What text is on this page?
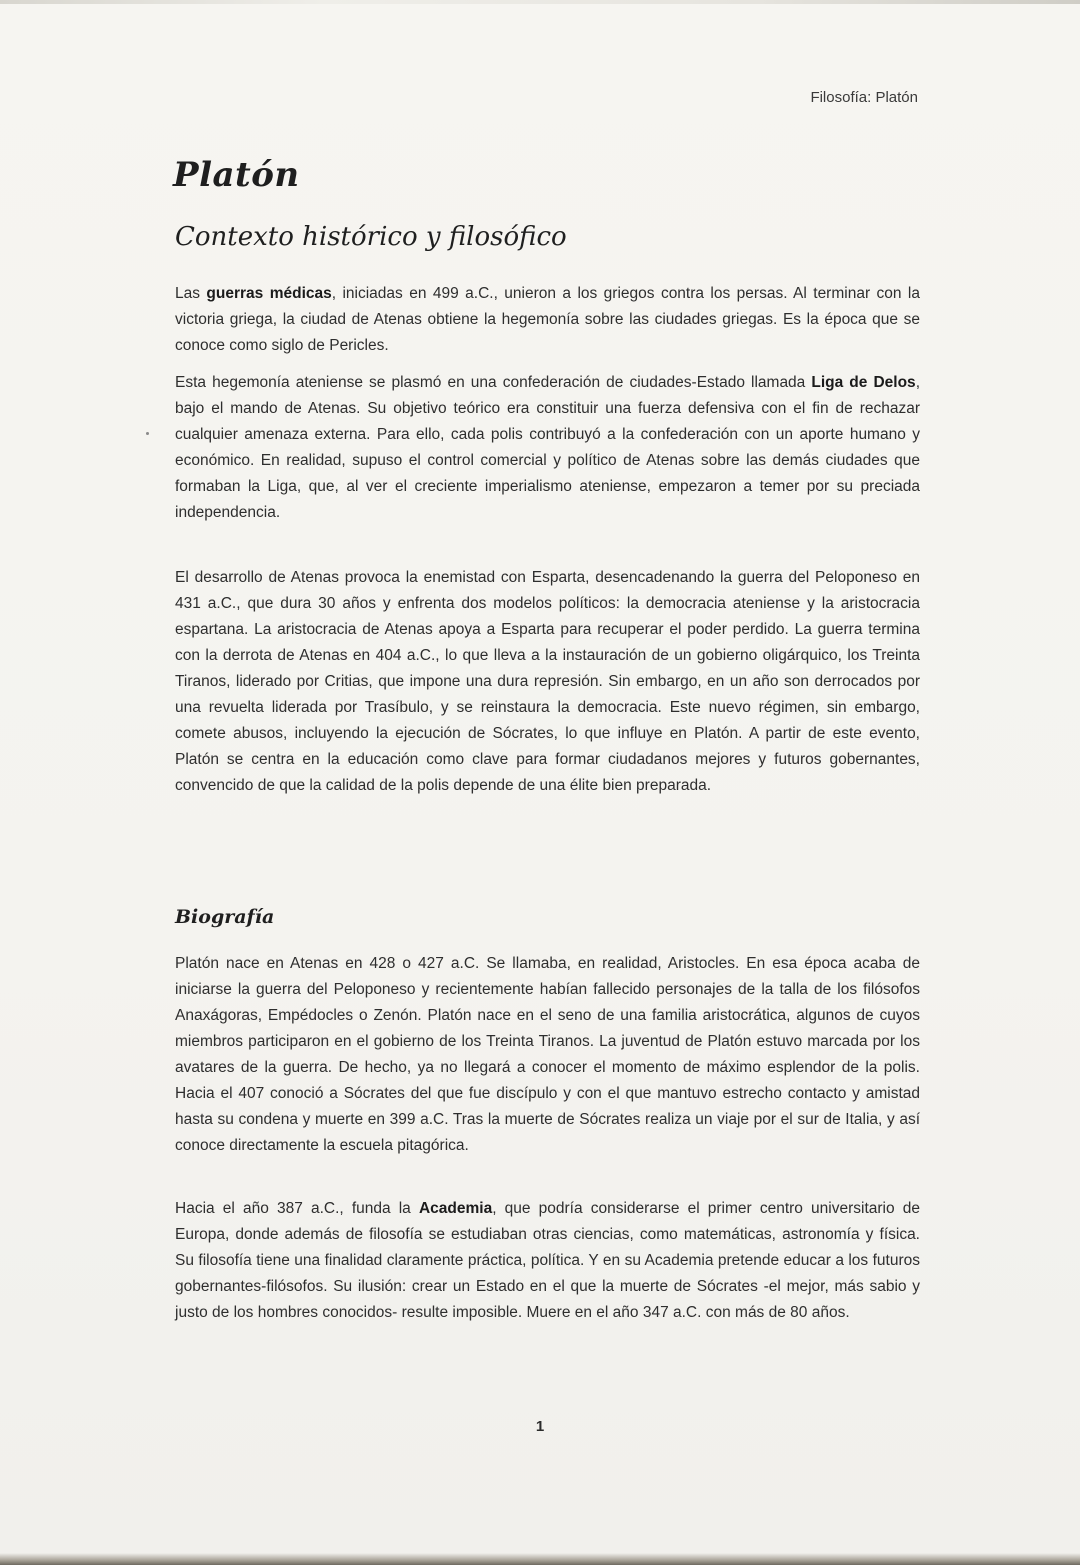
Filosofía: Platón
Platón
Contexto histórico y filosófico

Las guerras médicas, iniciadas en 499 a.C., unieron a los griegos contra los persas. Al terminar con la victoria griega, la ciudad de Atenas obtiene la hegemonía sobre las ciudades griegas. Es la época que se conoce como siglo de Pericles.

Esta hegemonía ateniense se plasmó en una confederación de ciudades-Estado llamada Liga de Delos, bajo el mando de Atenas. Su objetivo teórico era constituir una fuerza defensiva con el fin de rechazar cualquier amenaza externa. Para ello, cada polis contribuyó a la confederación con un aporte humano y económico. En realidad, supuso el control comercial y político de Atenas sobre las demás ciudades que formaban la Liga, que, al ver el creciente imperialismo ateniense, empezaron a temer por su preciada independencia.

El desarrollo de Atenas provoca la enemistad con Esparta, desencadenando la guerra del Peloponeso en 431 a.C., que dura 30 años y enfrenta dos modelos políticos: la democracia ateniense y la aristocracia espartana. La aristocracia de Atenas apoya a Esparta para recuperar el poder perdido. La guerra termina con la derrota de Atenas en 404 a.C., lo que lleva a la instauración de un gobierno oligárquico, los Treinta Tiranos, liderado por Critias, que impone una dura represión. Sin embargo, en un año son derrocados por una revuelta liderada por Trasíbulo, y se reinstaura la democracia. Este nuevo régimen, sin embargo, comete abusos, incluyendo la ejecución de Sócrates, lo que influye en Platón. A partir de este evento, Platón se centra en la educación como clave para formar ciudadanos mejores y futuros gobernantes, convencido de que la calidad de la polis depende de una élite bien preparada.

Biografía

Platón nace en Atenas en 428 o 427 a.C. Se llamaba, en realidad, Aristocles. En esa época acaba de iniciarse la guerra del Peloponeso y recientemente habían fallecido personajes de la talla de los filósofos Anaxágoras, Empédocles o Zenón. Platón nace en el seno de una familia aristocrática, algunos de cuyos miembros participaron en el gobierno de los Treinta Tiranos. La juventud de Platón estuvo marcada por los avatares de la guerra. De hecho, ya no llegará a conocer el momento de máximo esplendor de la polis. Hacia el 407 conoció a Sócrates del que fue discípulo y con el que mantuvo estrecho contacto y amistad hasta su condena y muerte en 399 a.C. Tras la muerte de Sócrates realiza un viaje por el sur de Italia, y así conoce directamente la escuela pitagórica.

Hacia el año 387 a.C., funda la Academia, que podría considerarse el primer centro universitario de Europa, donde además de filosofía se estudiaban otras ciencias, como matemáticas, astronomía y física. Su filosofía tiene una finalidad claramente práctica, política. Y en su Academia pretende educar a los futuros gobernantes-filósofos. Su ilusión: crear un Estado en el que la muerte de Sócrates -el mejor, más sabio y justo de los hombres conocidos- resulte imposible. Muere en el año 347 a.C. con más de 80 años.

1
